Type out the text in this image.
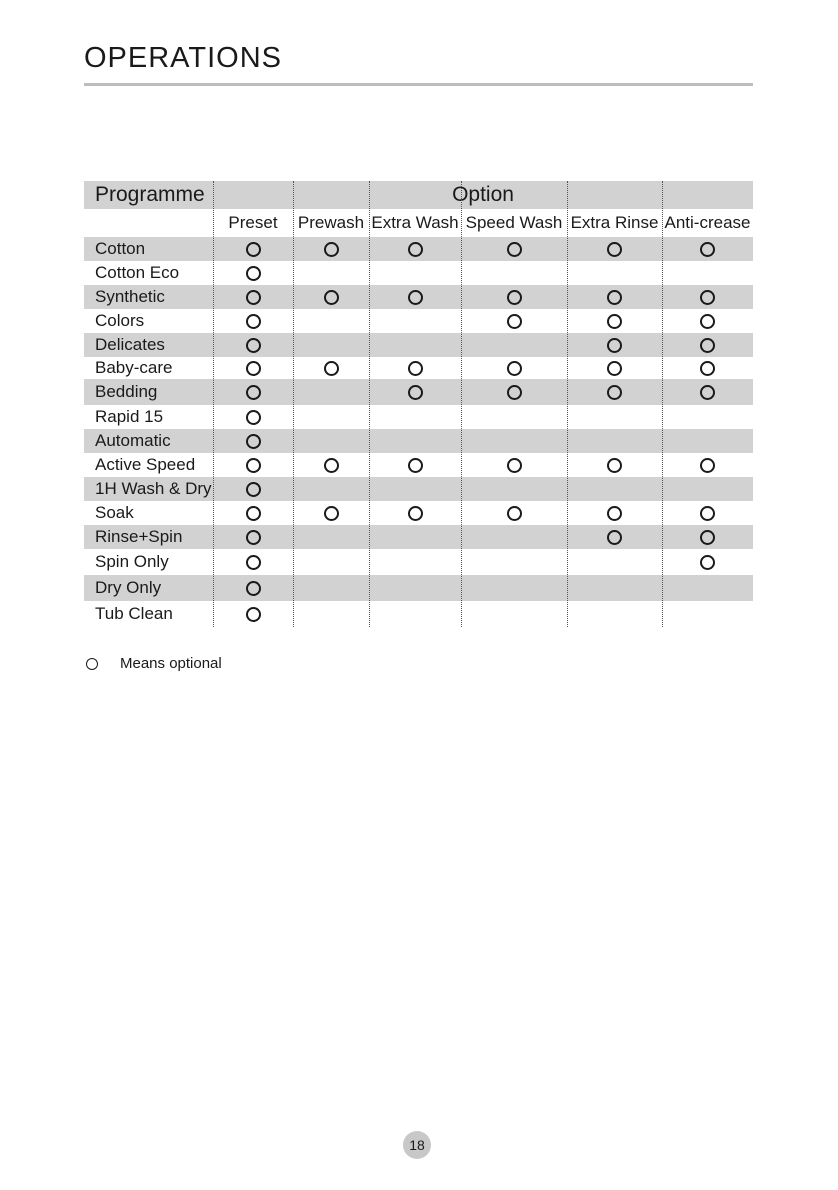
OPERATIONS
Programme	Option
Preset	Prewash Extra Wash Speed Wash Extra Rinse Anti-crease
Cotton
Cotton Eco
Synthetic
Colors
Delicates
Baby-care
Bedding
Rapid 15
Automatic
Active Speed
1H Wash & Dry
Soak
Rinse+Spin
Spin Only
Dry Only
Tub Clean
Means optional
18
